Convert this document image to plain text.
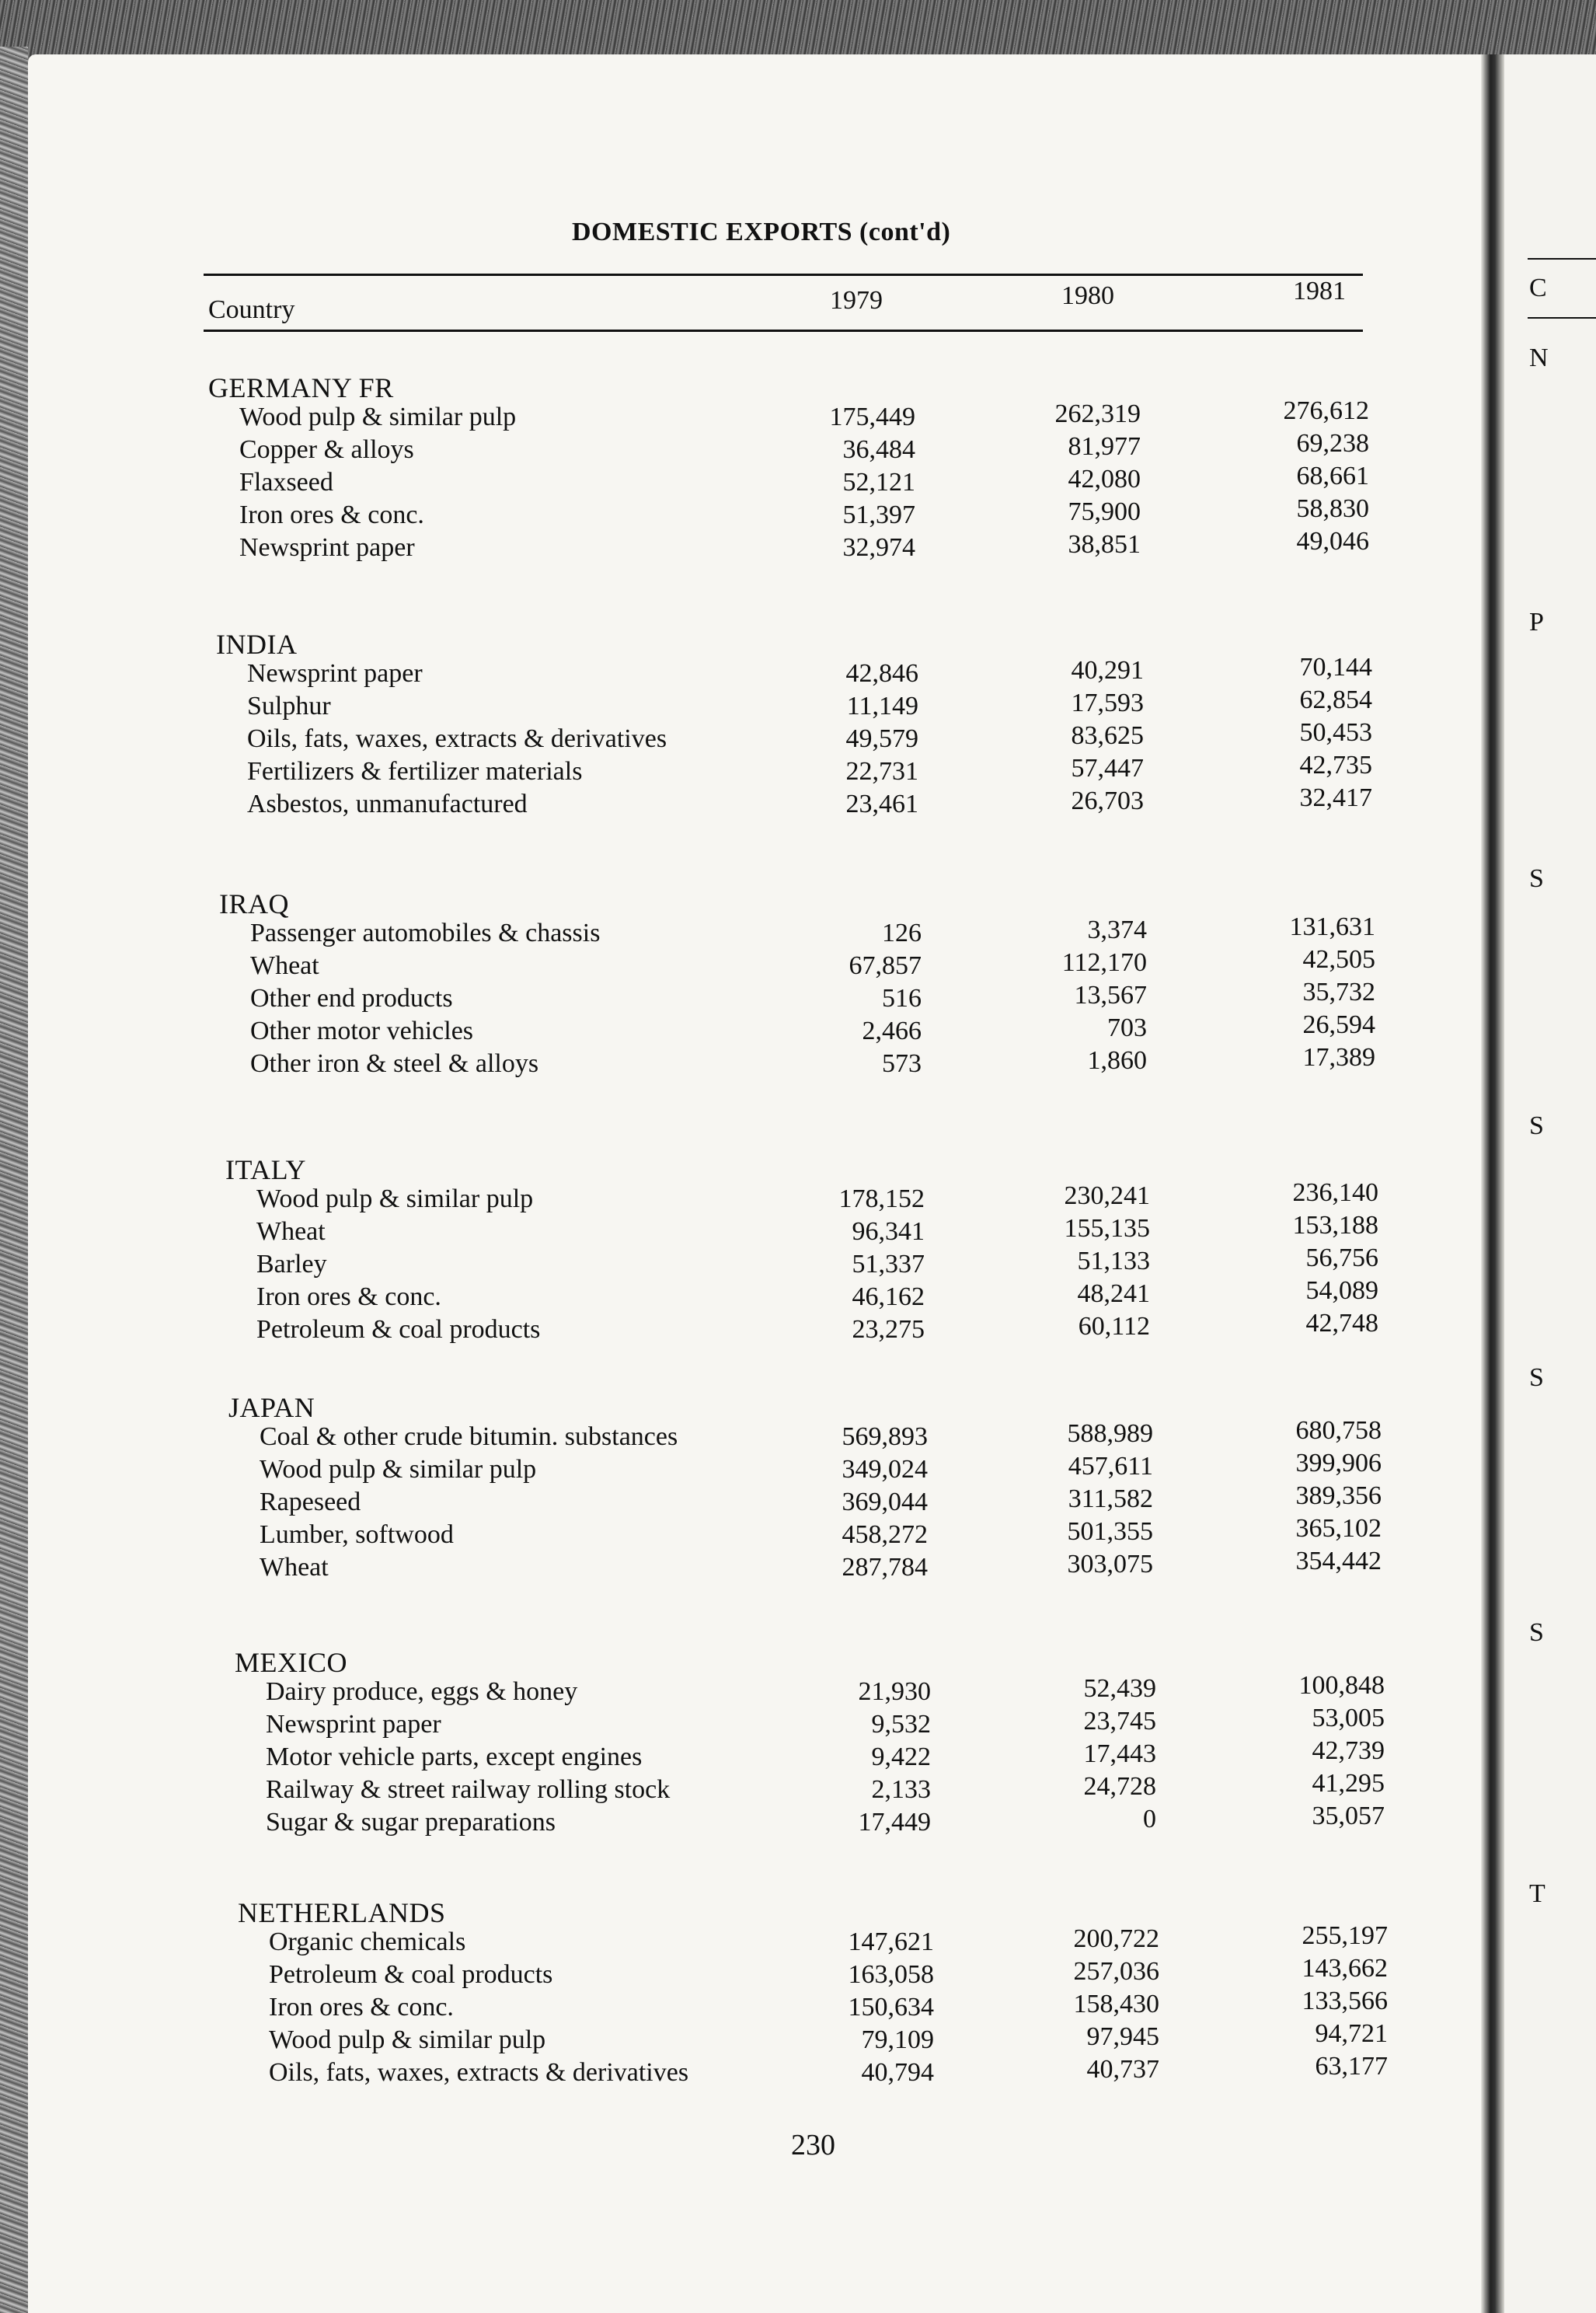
C
N
P
S
S
S
S
T
DOMESTIC EXPORTS (cont'd)
Country	1979	1980	1981
GERMANY FR
Wood pulp & similar pulp	175,449	262,319	276,612
Copper & alloys	36,484	81,977	69,238
Flaxseed	52,121	42,080	68,661
Iron ores & conc.	51,397	75,900	58,830
Newsprint paper	32,974	38,851	49,046
INDIA
Newsprint paper	42,846	40,291	70,144
Sulphur	11,149	17,593	62,854
Oils, fats, waxes, extracts & derivatives	49,579	83,625	50,453
Fertilizers & fertilizer materials	22,731	57,447	42,735
Asbestos, unmanufactured	23,461	26,703	32,417
IRAQ
Passenger automobiles & chassis	126	3,374	131,631
Wheat	67,857	112,170	42,505
Other end products	516	13,567	35,732
Other motor vehicles	2,466	703	26,594
Other iron & steel & alloys	573	1,860	17,389
ITALY
Wood pulp & similar pulp	178,152	230,241	236,140
Wheat	96,341	155,135	153,188
Barley	51,337	51,133	56,756
Iron ores & conc.	46,162	48,241	54,089
Petroleum & coal products	23,275	60,112	42,748
JAPAN
Coal & other crude bitumin. substances	569,893	588,989	680,758
Wood pulp & similar pulp	349,024	457,611	399,906
Rapeseed	369,044	311,582	389,356
Lumber, softwood	458,272	501,355	365,102
Wheat	287,784	303,075	354,442
MEXICO
Dairy produce, eggs & honey	21,930	52,439	100,848
Newsprint paper	9,532	23,745	53,005
Motor vehicle parts, except engines	9,422	17,443	42,739
Railway & street railway rolling stock	2,133	24,728	41,295
Sugar & sugar preparations	17,449	0	35,057
NETHERLANDS
Organic chemicals	147,621	200,722	255,197
Petroleum & coal products	163,058	257,036	143,662
Iron ores & conc.	150,634	158,430	133,566
Wood pulp & similar pulp	79,109	97,945	94,721
Oils, fats, waxes, extracts & derivatives	40,794	40,737	63,177
230
